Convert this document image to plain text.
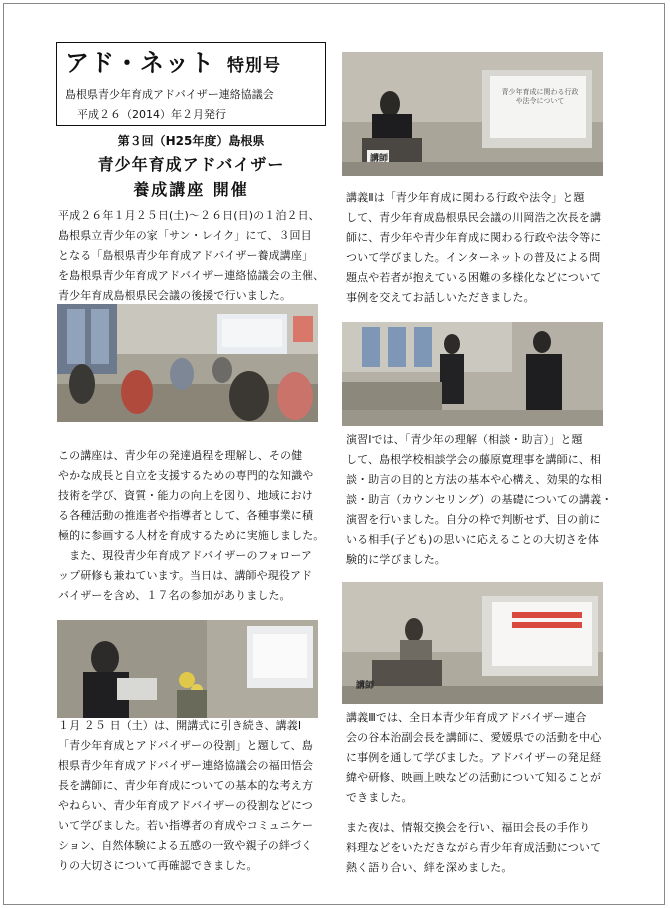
アド・ネット 特別号
島根県青少年育成アドバイザー連絡協議会
平成２６（2014）年２月発行
第３回（H25年度）島根県
青少年育成アドバイザー
養成講座 開催
平成２６年１月２５日(土)～２６日(日)の１泊２日、
島根県立青少年の家「サン・レイク」にて、３回目
となる「島根県青少年育成アドバイザー養成講座」
を島根県青少年育成アドバイザー連絡協議会の主催、
青少年育成島根県民会議の後援で行いました。
この講座は、青少年の発達過程を理解し、その健
やかな成長と自立を支援するための専門的な知識や
技術を学び、資質・能力の向上を図り、地域におけ
る各種活動の推進者や指導者として、各種事業に積
極的に参画する人材を育成するために実施しました。
　また、現役青少年育成アドバイザーのフォローア
ップ研修も兼ねています。当日は、講師や現役アド
バイザーを含め、１７名の参加がありました。
１月 ２５ 日（土）は、開講式に引き続き、講義Ⅰ
「青少年育成とアドバイザーの役割」と題して、島
根県青少年育成アドバイザー連絡協議会の福田悟会
長を講師に、青少年育成についての基本的な考え方
やねらい、青少年育成アドバイザーの役割などにつ
いて学びました。若い指導者の育成やコミュニケー
ション、自然体験による五感の一致や親子の絆づく
りの大切さについて再確認できました。
講師
青少年育成に関わる行政や法令について
講義Ⅱは「青少年育成に関わる行政や法令」と題
して、青少年育成島根県民会議の川岡浩之次長を講
師に、青少年や青少年育成に関わる行政や法令等に
ついて学びました。インターネットの普及による問
題点や若者が抱えている困難の多様化などについて
事例を交えてお話しいただきました。
演習Ⅰでは、「青少年の理解（相談・助言）」と題
して、島根学校相談学会の藤原寛理事を講師に、相
談・助言の目的と方法の基本や心構え、効果的な相
談・助言（カウンセリング）の基礎についての講義・
演習を行いました。自分の枠で判断せず、目の前に
いる相手(子ども)の思いに応えることの大切さを体
験的に学びました。
講師
講義Ⅲでは、全日本青少年育成アドバイザー連合
会の谷本治副会長を講師に、愛媛県での活動を中心
に事例を通して学びました。アドバイザーの発足経
緯や研修、映画上映などの活動について知ることが
できました。
また夜は、情報交換会を行い、福田会長の手作り
料理などをいただきながら青少年育成活動について
熱く語り合い、絆を深めました。
